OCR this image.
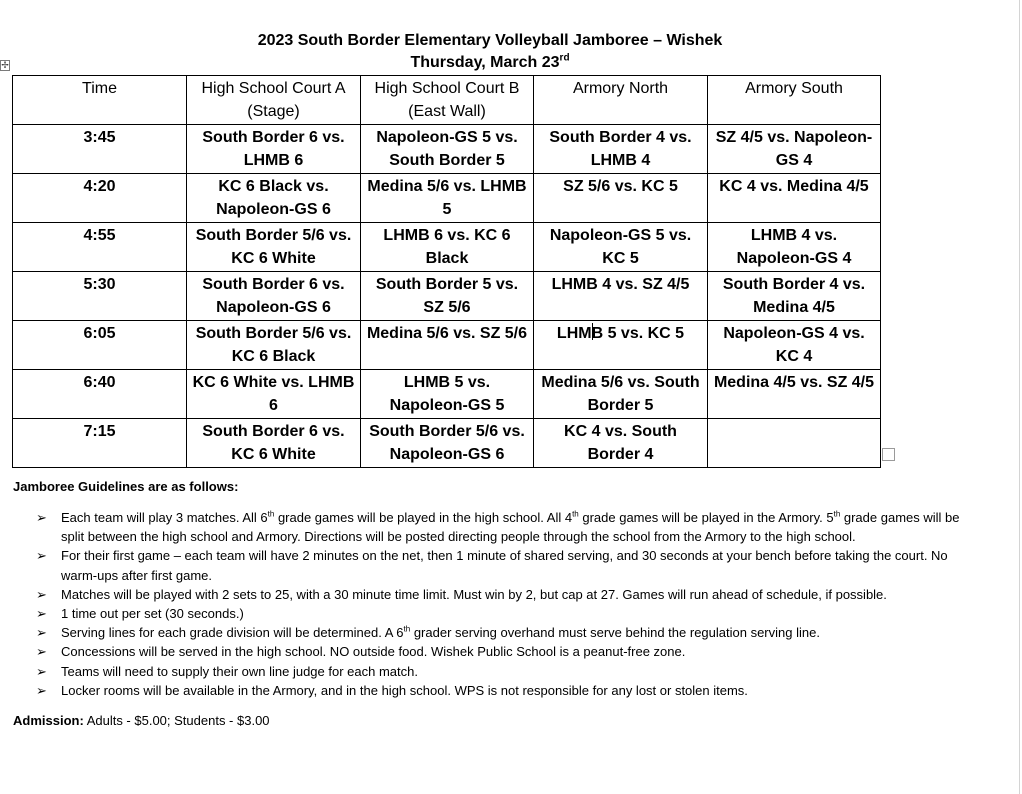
✢
2023 South Border Elementary Volleyball Jamboree – Wishek
Thursday, March 23rd
Time	High School Court A (Stage)	High School Court B (East Wall)	Armory North	Armory South
3:45	South Border 6 vs. LHMB 6	Napoleon-GS 5 vs. South Border 5	South Border 4 vs. LHMB 4	SZ 4/5 vs. Napoleon-GS 4
4:20	KC 6 Black vs. Napoleon-GS 6	Medina 5/6 vs. LHMB 5	SZ 5/6 vs. KC 5	KC 4 vs. Medina 4/5
4:55	South Border 5/6 vs. KC 6 White	LHMB 6 vs. KC 6 Black	Napoleon-GS 5 vs. KC 5	LHMB 4 vs. Napoleon-GS 4
5:30	South Border 6 vs. Napoleon-GS 6	South Border 5 vs. SZ 5/6	LHMB 4 vs. SZ 4/5	South Border 4 vs. Medina 4/5
6:05	South Border 5/6 vs. KC 6 Black	Medina 5/6 vs. SZ 5/6	LHMB 5 vs. KC 5	Napoleon-GS 4 vs. KC 4
6:40	KC 6 White vs. LHMB 6	LHMB 5 vs. Napoleon-GS 5	Medina 5/6 vs. South Border 5	Medina 4/5 vs. SZ 4/5
7:15	South Border 6 vs. KC 6 White	South Border 5/6 vs. Napoleon-GS 6	KC 4 vs. South Border 4	
Jamboree Guidelines are as follows:
➢ Each team will play 3 matches. All 6th grade games will be played in the high school. All 4th grade games will be played in the Armory. 5th grade games will be split between the high school and Armory. Directions will be posted directing people through the school from the Armory to the high school.
➢ For their first game – each team will have 2 minutes on the net, then 1 minute of shared serving, and 30 seconds at your bench before taking the court. No warm-ups after first game.
➢ Matches will be played with 2 sets to 25, with a 30 minute time limit. Must win by 2, but cap at 27. Games will run ahead of schedule, if possible.
➢ 1 time out per set (30 seconds.)
➢ Serving lines for each grade division will be determined. A 6th grader serving overhand must serve behind the regulation serving line.
➢ Concessions will be served in the high school. NO outside food. Wishek Public School is a peanut-free zone.
➢ Teams will need to supply their own line judge for each match.
➢ Locker rooms will be available in the Armory, and in the high school. WPS is not responsible for any lost or stolen items.
Admission: Adults - $5.00; Students - $3.00
